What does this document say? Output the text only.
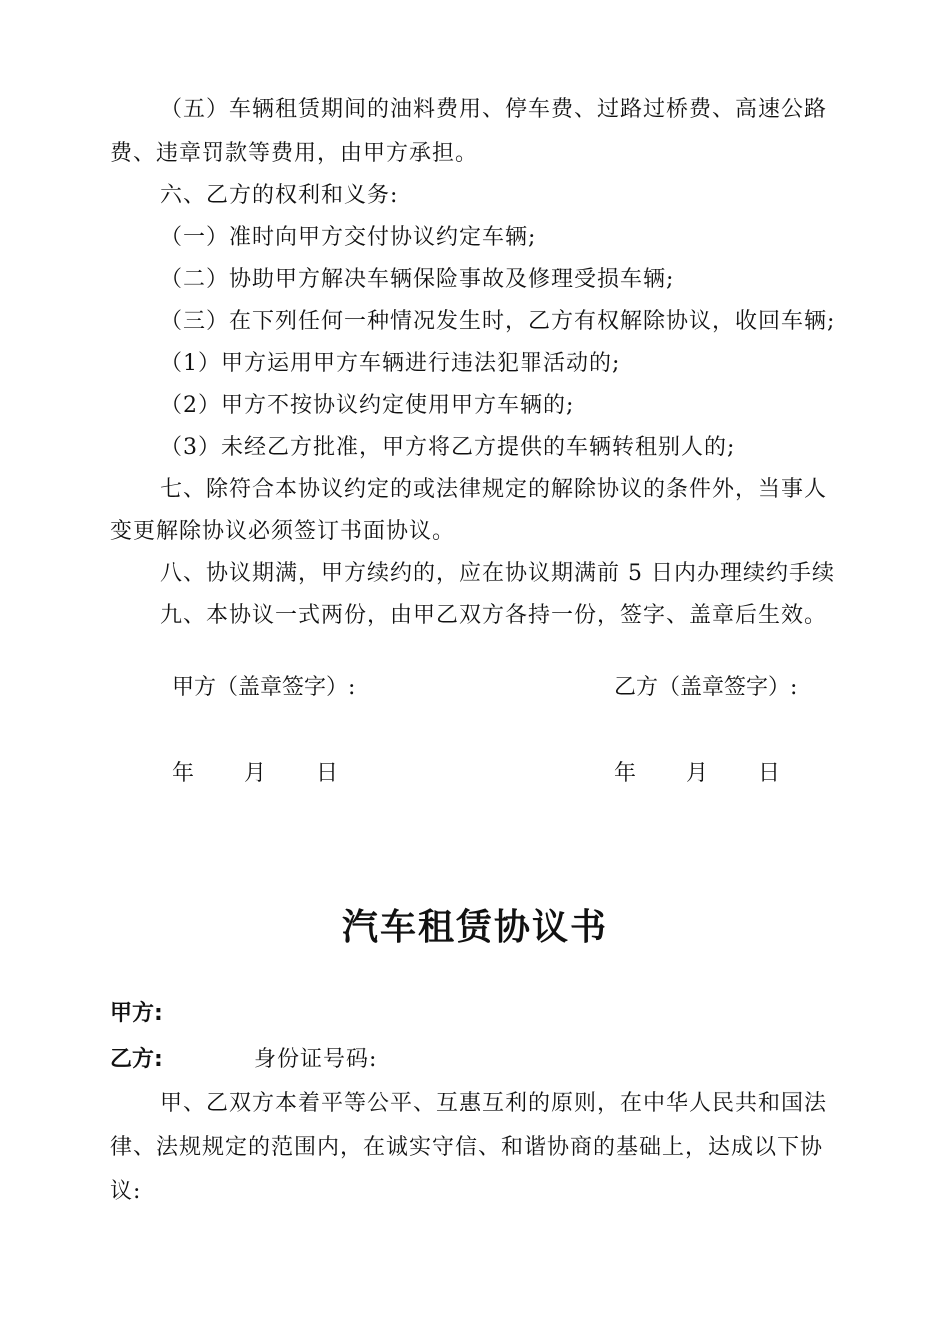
（五）车辆租赁期间的油料费用、停车费、过路过桥费、高速公路
费、违章罚款等费用，由甲方承担。
六、乙方的权利和义务:
（一）准时向甲方交付协议约定车辆;
（二）协助甲方解决车辆保险事故及修理受损车辆;
（三）在下列任何一种情况发生时，乙方有权解除协议，收回车辆;
（1）甲方运用甲方车辆进行违法犯罪活动的;
（2）甲方不按协议约定使用甲方车辆的;
（3）未经乙方批准，甲方将乙方提供的车辆转租别人的;
七、除符合本协议约定的或法律规定的解除协议的条件外，当事人
变更解除协议必须签订书面协议。
八、协议期满，甲方续约的，应在协议期满前 5 日内办理续约手续
九、本协议一式两份，由甲乙双方各持一份，签字、盖章后生效。
甲方（盖章签字）:	乙方（盖章签字）:
年 月 日	年 月 日
汽车租赁协议书
甲方:
乙方:	身份证号码:
甲、乙双方本着平等公平、互惠互利的原则，在中华人民共和国法
律、法规规定的范围内，在诚实守信、和谐协商的基础上，达成以下协
议:
